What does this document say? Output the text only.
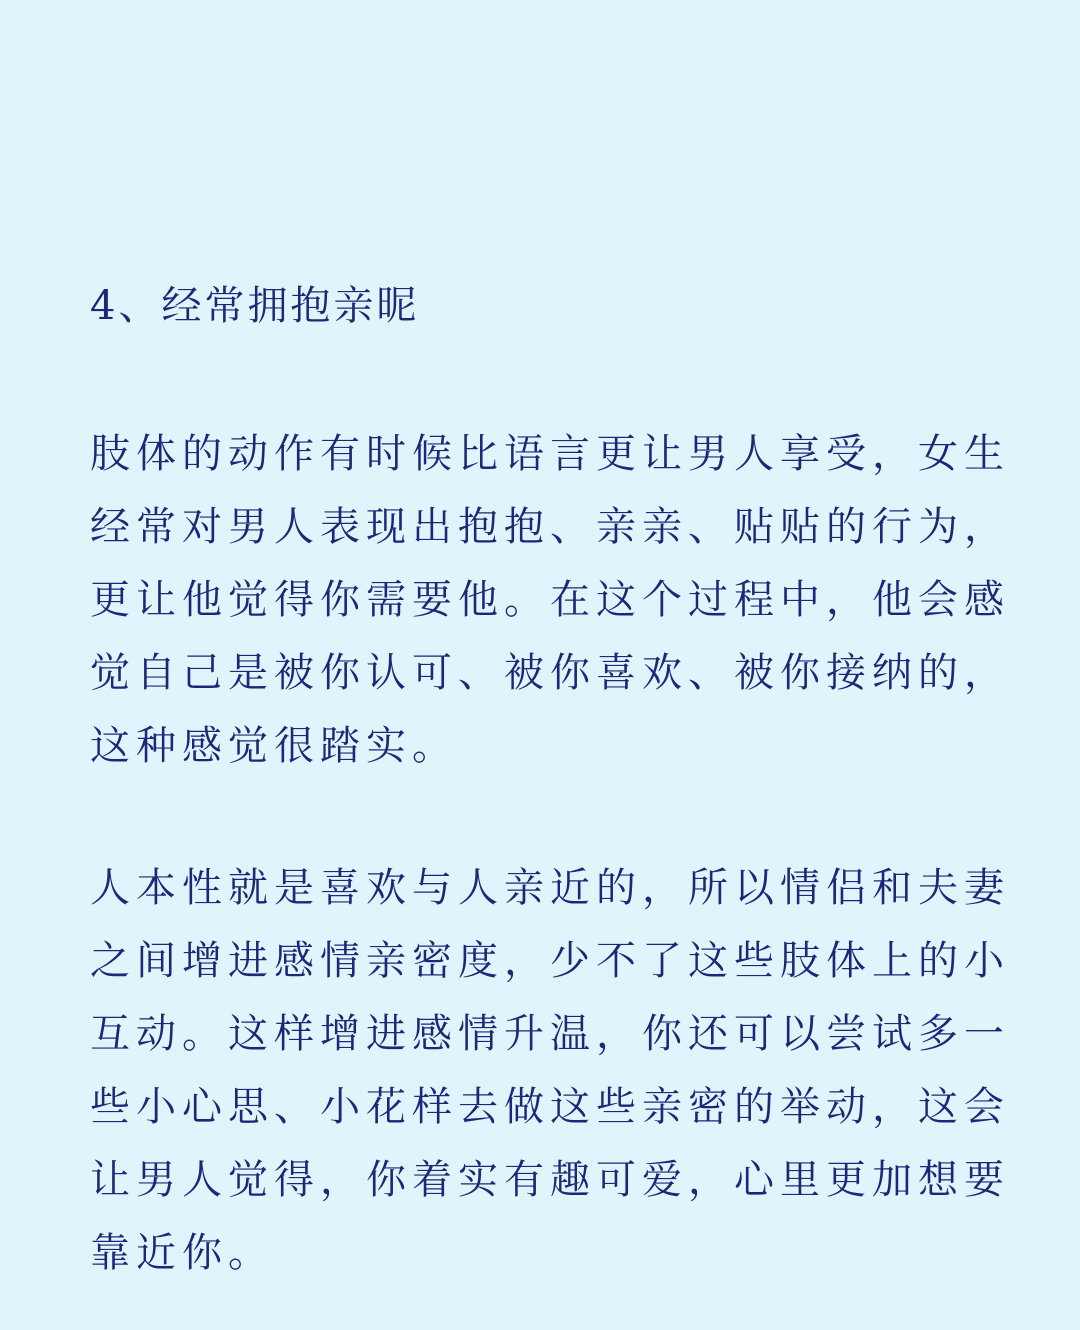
4、经常拥抱亲昵

肢体的动作有时候比语言更让男人享受，女生
经常对男人表现出抱抱、亲亲、贴贴的行为，
更让他觉得你需要他。在这个过程中，他会感
觉自己是被你认可、被你喜欢、被你接纳的，
这种感觉很踏实。

人本性就是喜欢与人亲近的，所以情侣和夫妻
之间增进感情亲密度，少不了这些肢体上的小
互动。这样增进感情升温，你还可以尝试多一
些小心思、小花样去做这些亲密的举动，这会
让男人觉得，你着实有趣可爱，心里更加想要
靠近你。
